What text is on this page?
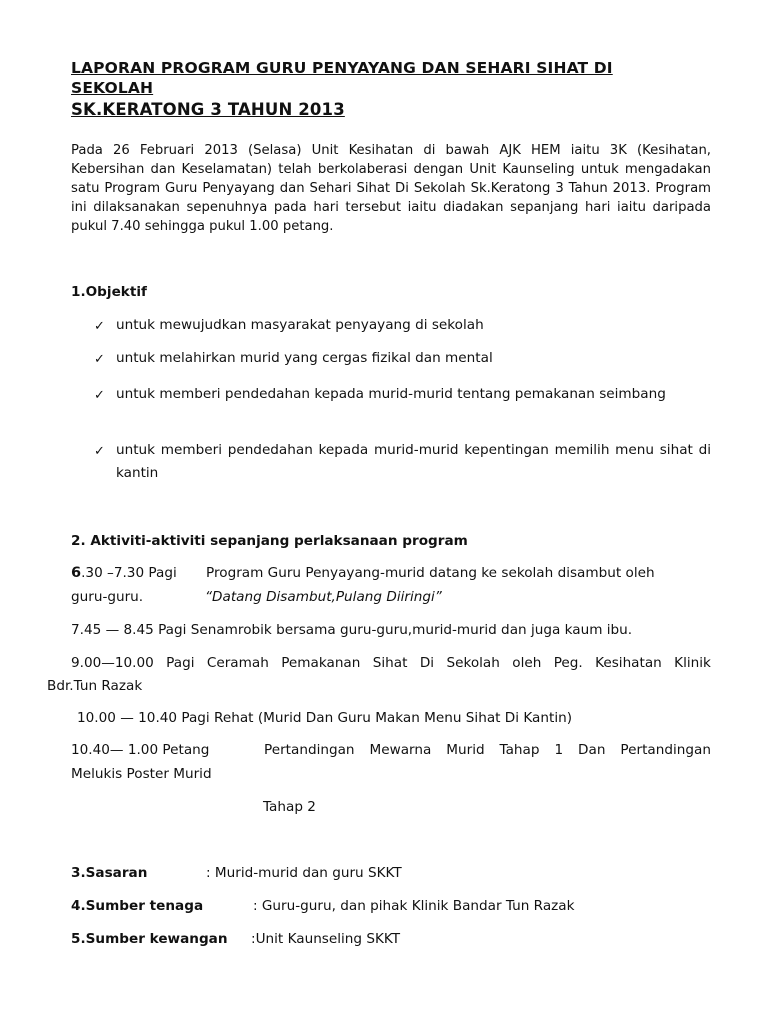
LAPORAN PROGRAM GURU PENYAYANG DAN SEHARI SIHAT DI
SEKOLAH
SK.KERATONG 3 TAHUN 2013
Pada 26 Februari 2013 (Selasa) Unit Kesihatan di bawah AJK HEM iaitu 3K (Kesihatan, Kebersihan dan Keselamatan) telah berkolaberasi dengan Unit Kaunseling untuk mengadakan satu Program Guru Penyayang dan Sehari Sihat Di Sekolah Sk.Keratong 3 Tahun 2013. Program ini dilaksanakan sepenuhnya pada hari tersebut iaitu diadakan sepanjang hari iaitu daripada pukul 7.40 sehingga pukul 1.00 petang.
1.Objektif
✓ untuk mewujudkan masyarakat penyayang di sekolah
✓ untuk melahirkan murid yang cergas fizikal dan mental
✓ untuk memberi pendedahan kepada murid-murid tentang pemakanan seimbang
✓ untuk memberi pendedahan kepada murid-murid kepentingan memilih menu sihat di kantin
2. Aktiviti-aktiviti sepanjang perlaksanaan program
6.30 –7.30 Pagi Program Guru Penyayang-murid datang ke sekolah disambut oleh
guru-guru.	“Datang Disambut,Pulang Diiringi”
7.45 — 8.45 Pagi Senamrobik bersama guru-guru,murid-murid dan juga kaum ibu.
9.00—10.00 Pagi Ceramah Pemakanan Sihat Di Sekolah oleh Peg. Kesihatan Klinik
Bdr.Tun Razak
10.00 — 10.40 Pagi Rehat (Murid Dan Guru Makan Menu Sihat Di Kantin)
10.40— 1.00 Petang	Pertandingan Mewarna Murid Tahap 1 Dan Pertandingan
Melukis Poster Murid
Tahap 2
3.Sasaran	: Murid-murid dan guru SKKT
4.Sumber tenaga	: Guru-guru, dan pihak Klinik Bandar Tun Razak
5.Sumber kewangan :Unit Kaunseling SKKT
